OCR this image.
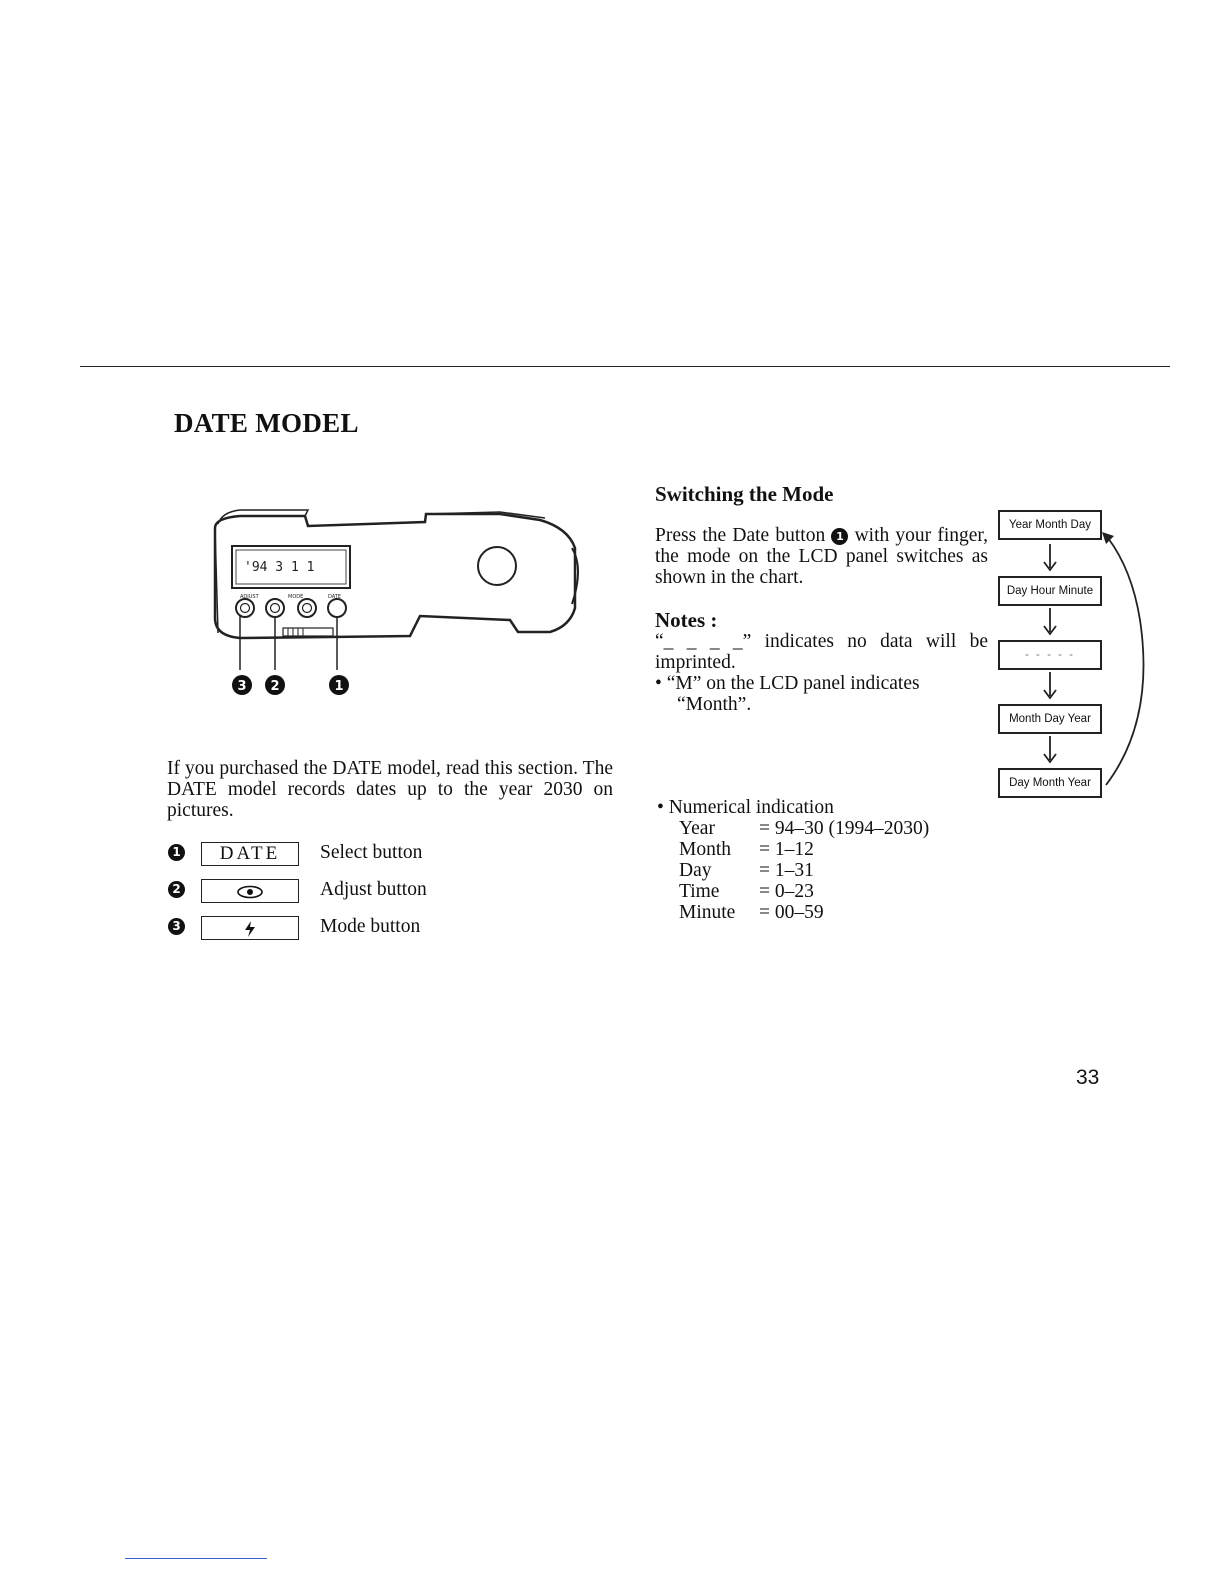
DATE MODEL
'94 3 1 1
ADJUST	MODE	DATE
3 2	1
If you purchased the DATE model, read this section. The DATE model records dates up to the year 2030 on pictures.
1	DATE	Select button
2	Adjust button
3	Mode button
Switching the Mode
Press the Date button 1 with your finger, the mode on the LCD panel switches as shown in the chart.
Notes :

“_ _ _ _” indicates no data will be imprinted.

• “M” on the LCD panel indicates

“Month”.

Year Month Day
Day Hour Minute
- - - - -
Month Day Year
Day Month Year
• Numerical indication
Year = 94–30 (1994–2030)
Month = 1–12
Day = 1–31
Time = 0–23
Minute = 00–59
33
